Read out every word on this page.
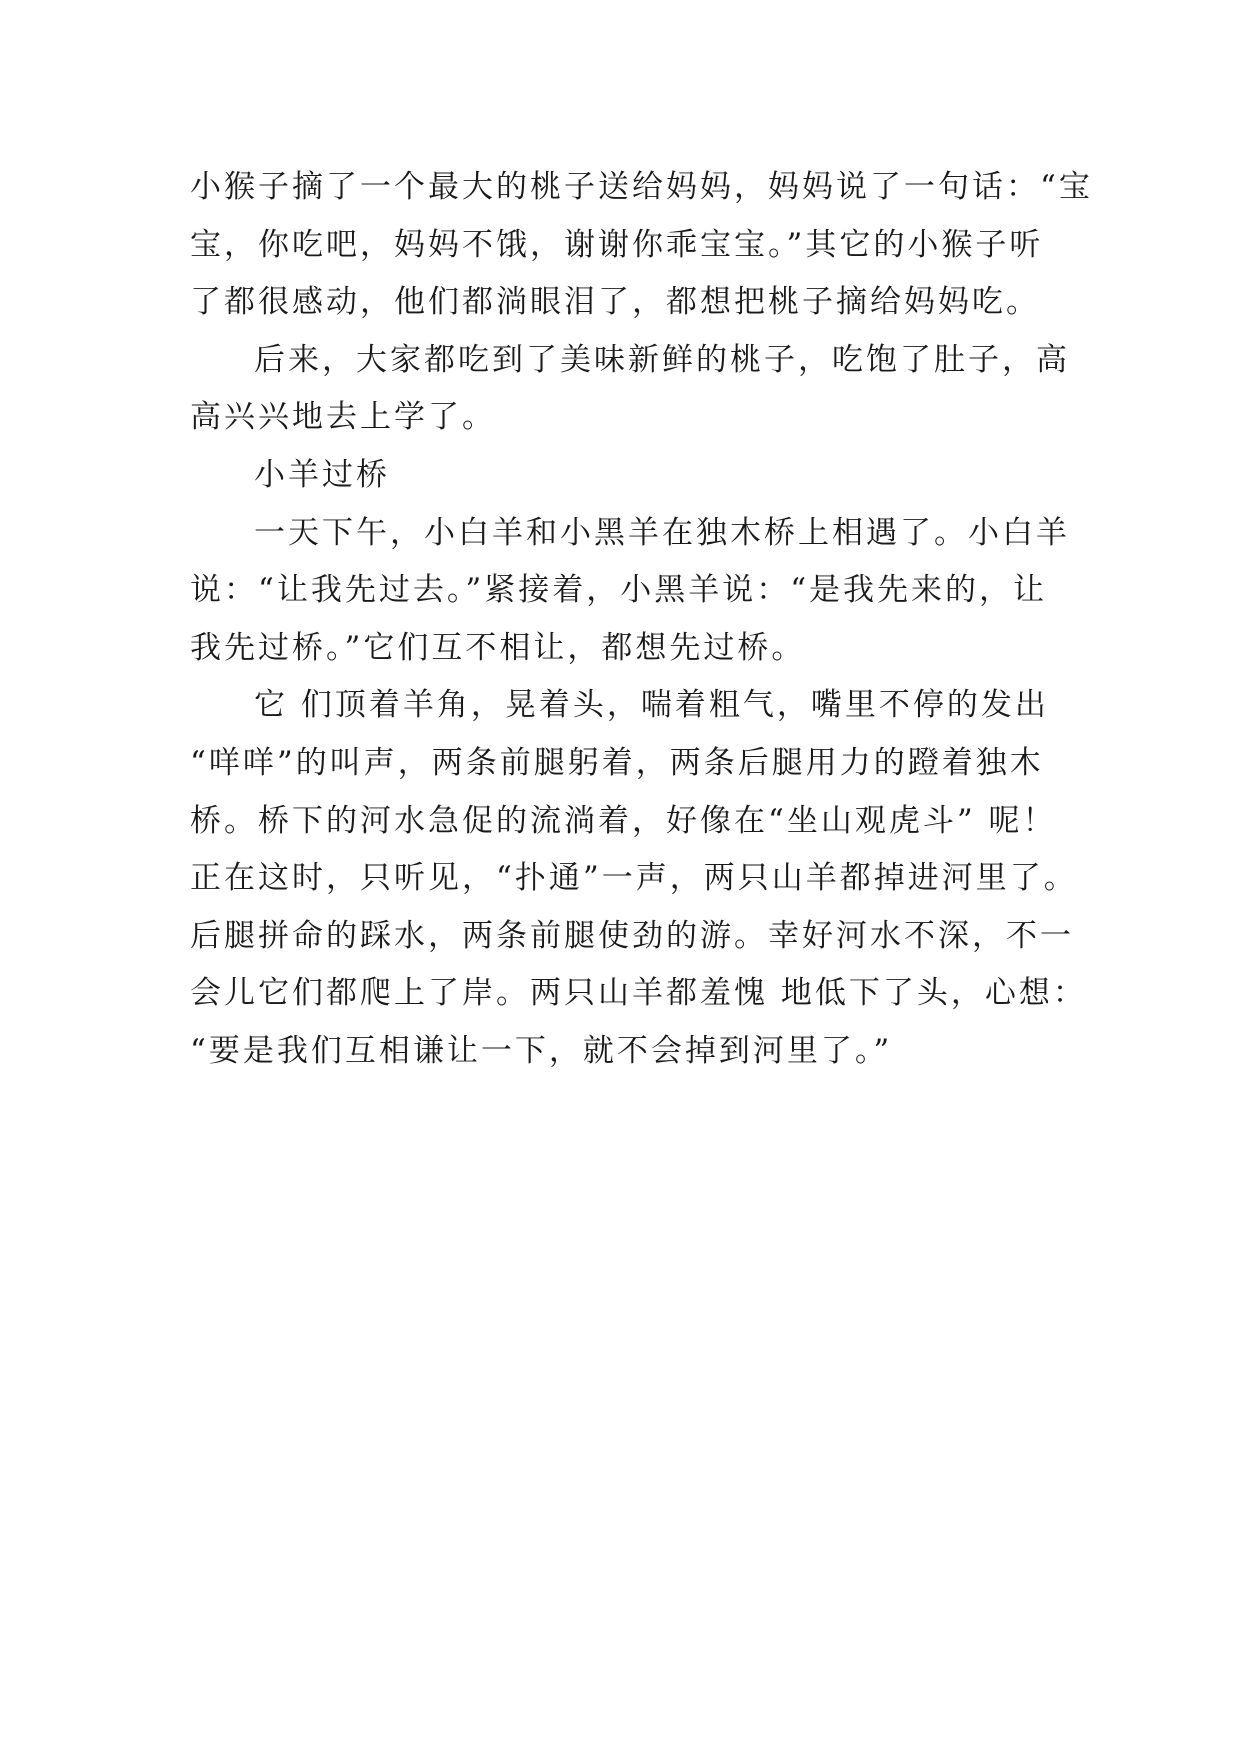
小猴子摘了一个最大的桃子送给妈妈，妈妈说了一句话：“宝
宝，你吃吧，妈妈不饿，谢谢你乖宝宝。”其它的小猴子听
了都很感动，他们都淌眼泪了，都想把桃子摘给妈妈吃。
后来，大家都吃到了美味新鲜的桃子，吃饱了肚子，高
高兴兴地去上学了。
小羊过桥
一天下午，小白羊和小黑羊在独木桥上相遇了。小白羊
说：“让我先过去。”紧接着，小黑羊说：“是我先来的，让
我先过桥。”它们互不相让，都想先过桥。
它 们顶着羊角，晃着头，喘着粗气，嘴里不停的发出
“咩咩”的叫声，两条前腿躬着，两条后腿用力的蹬着独木
桥。桥下的河水急促的流淌着，好像在“坐山观虎斗” 呢！
正在这时，只听见，“扑通”一声，两只山羊都掉进河里了。
后腿拼命的踩水，两条前腿使劲的游。幸好河水不深，不一
会儿它们都爬上了岸。两只山羊都羞愧 地低下了头，心想：
“要是我们互相谦让一下，就不会掉到河里了。”
